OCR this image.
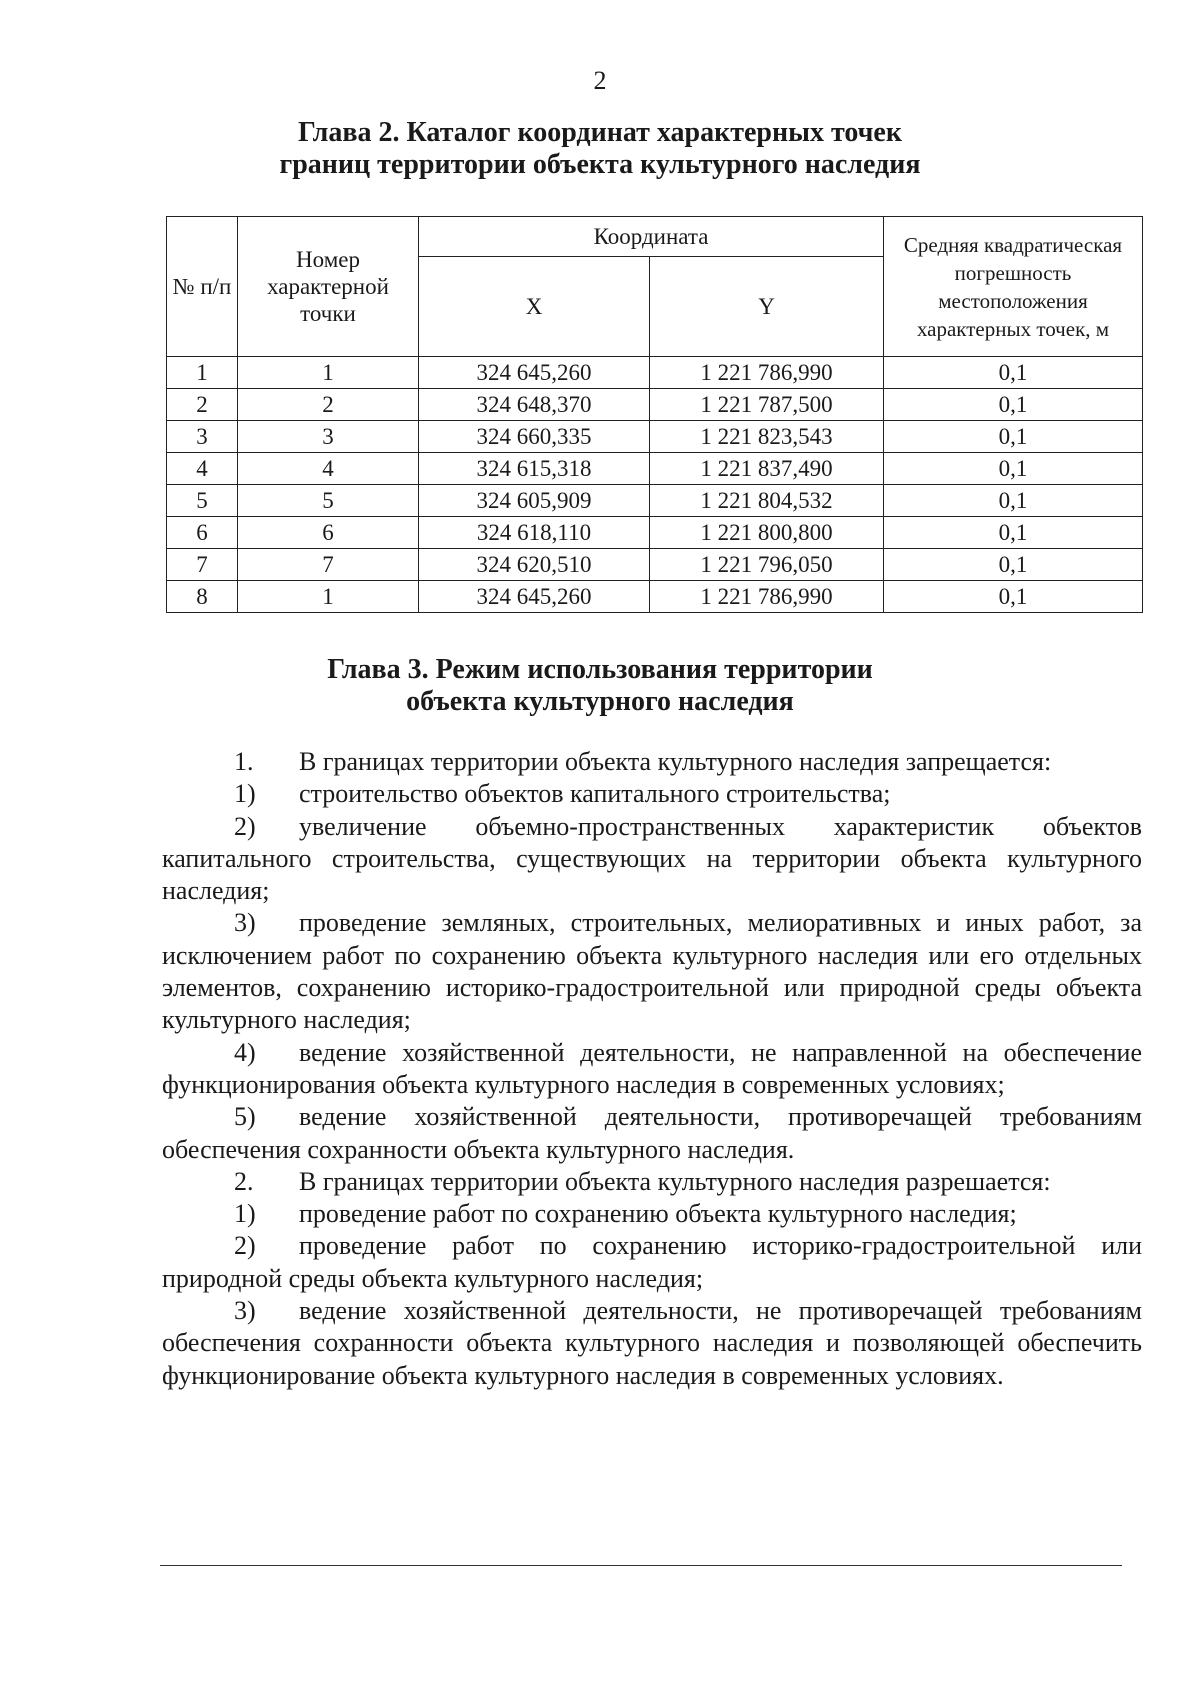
2
Глава 2. Каталог координат характерных точек
границ территории объекта культурного наследия
№ п/п	Номер характерной точки	Координата		Средняя квадратическая погрешность местоположения характерных точек, м
		X	Y	
1	1	324 645,260	1 221 786,990	0,1
2	2	324 648,370	1 221 787,500	0,1
3	3	324 660,335	1 221 823,543	0,1
4	4	324 615,318	1 221 837,490	0,1
5	5	324 605,909	1 221 804,532	0,1
6	6	324 618,110	1 221 800,800	0,1
7	7	324 620,510	1 221 796,050	0,1
8	1	324 645,260	1 221 786,990	0,1
Глава 3. Режим использования территории
объекта культурного наследия

1. В границах территории объекта культурного наследия запрещается:

1) строительство объектов капитального строительства;

2) увеличение объемно-пространственных характеристик объектов капитального строительства, существующих на территории объекта культурного наследия;

3) проведение земляных, строительных, мелиоративных и иных работ, за исключением работ по сохранению объекта культурного наследия или его отдельных элементов, сохранению историко-градостроительной или природной среды объекта культурного наследия;

4) ведение хозяйственной деятельности, не направленной на обеспечение функционирования объекта культурного наследия в современных условиях;

5) ведение хозяйственной деятельности, противоречащей требованиям обеспечения сохранности объекта культурного наследия.

2. В границах территории объекта культурного наследия разрешается:

1) проведение работ по сохранению объекта культурного наследия;

2) проведение работ по сохранению историко-градостроительной или природной среды объекта культурного наследия;

3) ведение хозяйственной деятельности, не противоречащей требованиям обеспечения сохранности объекта культурного наследия и позволяющей обеспечить функционирование объекта культурного наследия в современных условиях.
